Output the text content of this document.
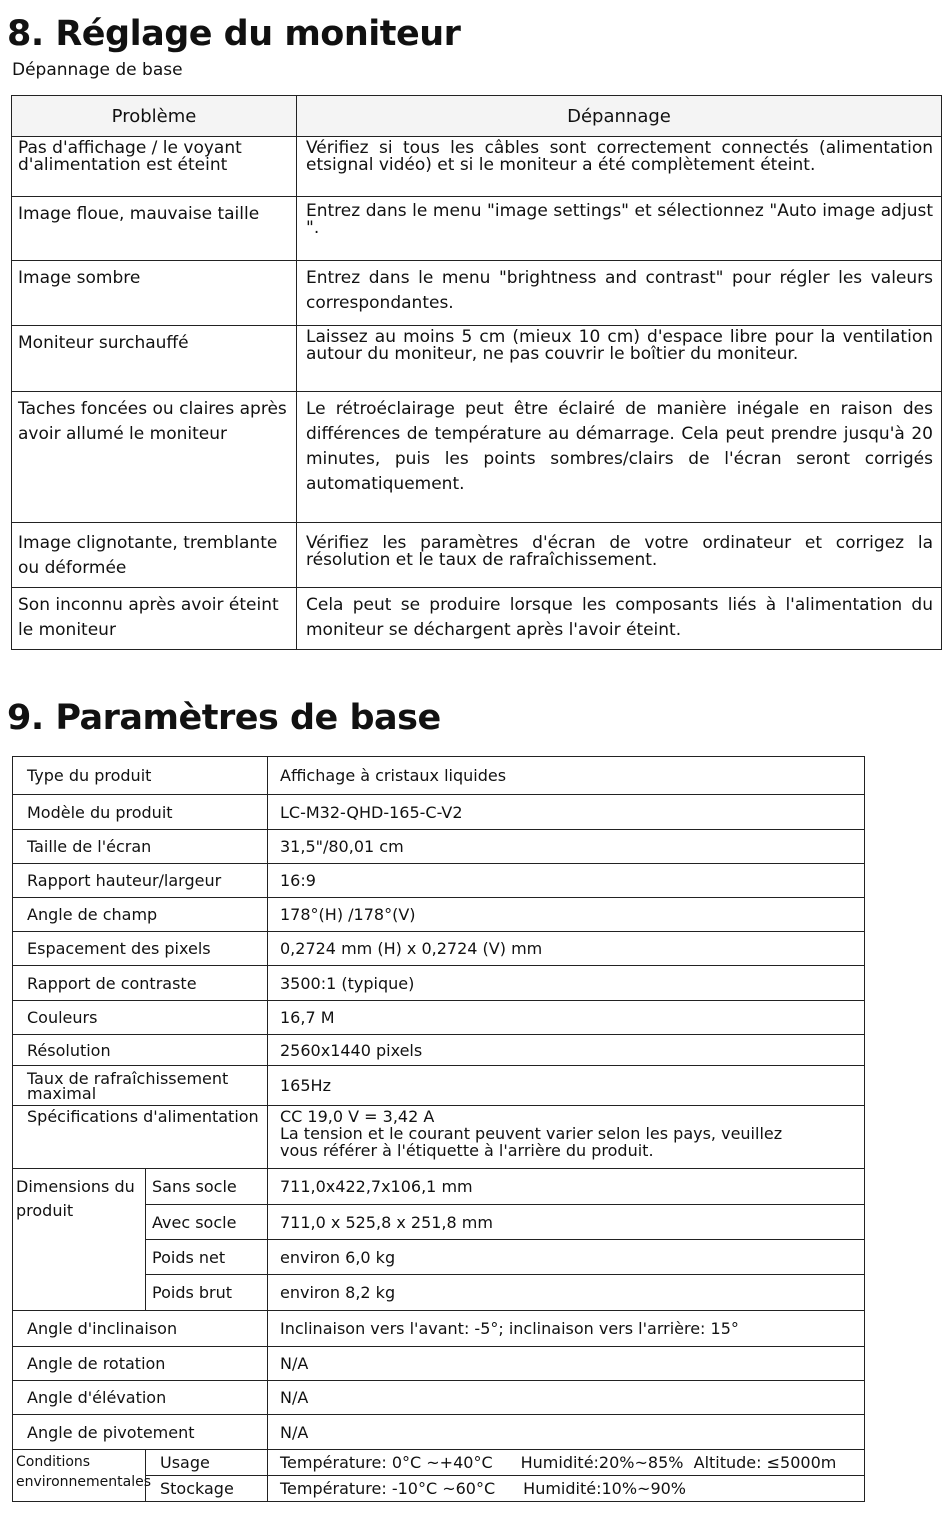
8. Réglage du moniteur
Dépannage de base
Problème	Dépannage
Pas d'affichage / le voyant d'alimentation est éteint	Vérifiez si tous les câbles sont correctement connectés (alimentation etsignal vidéo) et si le moniteur a été complètement éteint.
Image floue, mauvaise taille	Entrez dans le menu "image settings" et sélectionnez "Auto image adjust ".
Image sombre	Entrez dans le menu "brightness and contrast" pour régler les valeurs correspondantes.
Moniteur surchauffé	Laissez au moins 5 cm (mieux 10 cm) d'espace libre pour la ventilation autour du moniteur, ne pas couvrir le boîtier du moniteur.
Taches foncées ou claires après avoir allumé le moniteur	Le rétroéclairage peut être éclairé de manière inégale en raison des différences de température au démarrage. Cela peut prendre jusqu'à 20 minutes, puis les points sombres/clairs de l'écran seront corrigés automatiquement.
Image clignotante, tremblante ou déformée	Vérifiez les paramètres d'écran de votre ordinateur et corrigez la résolution et le taux de rafraîchissement.
Son inconnu après avoir éteint le moniteur	Cela peut se produire lorsque les composants liés à l'alimentation du moniteur se déchargent après l'avoir éteint.
9. Paramètres de base
Type du produit		Affichage à cristaux liquides
Modèle du produit		LC-M32-QHD-165-C-V2
Taille de l'écran		31,5"/80,01 cm
Rapport hauteur/largeur		16:9
Angle de champ		178°(H) /178°(V)
Espacement des pixels		0,2724 mm (H) x 0,2724 (V) mm
Rapport de contraste		3500:1 (typique)
Couleurs		16,7 M
Résolution		2560x1440 pixels
Taux de rafraîchissement maximal		165Hz
Spécifications d'alimentation		CC 19,0 V = 3,42 A
La tension et le courant peuvent varier selon les pays, veuillez vous référer à l'étiquette à l'arrière du produit.

Dimensions du produit	Sans socle	711,0x422,7x106,1 mm
	Avec socle	711,0 x 525,8 x 251,8 mm
	Poids net	environ 6,0 kg
	Poids brut	environ 8,2 kg
Angle d'inclinaison		Inclinaison vers l'avant: -5°; inclinaison vers l'arrière: 15°
Angle de rotation		N/A
Angle d'élévation		N/A
Angle de pivotement		N/A
Conditions environnementales	Usage	Température: 0°C ~+40°C Humidité:20%~85% Altitude: ≤5000m
	Stockage	Température: -10°C ~60°C Humidité:10%~90%
